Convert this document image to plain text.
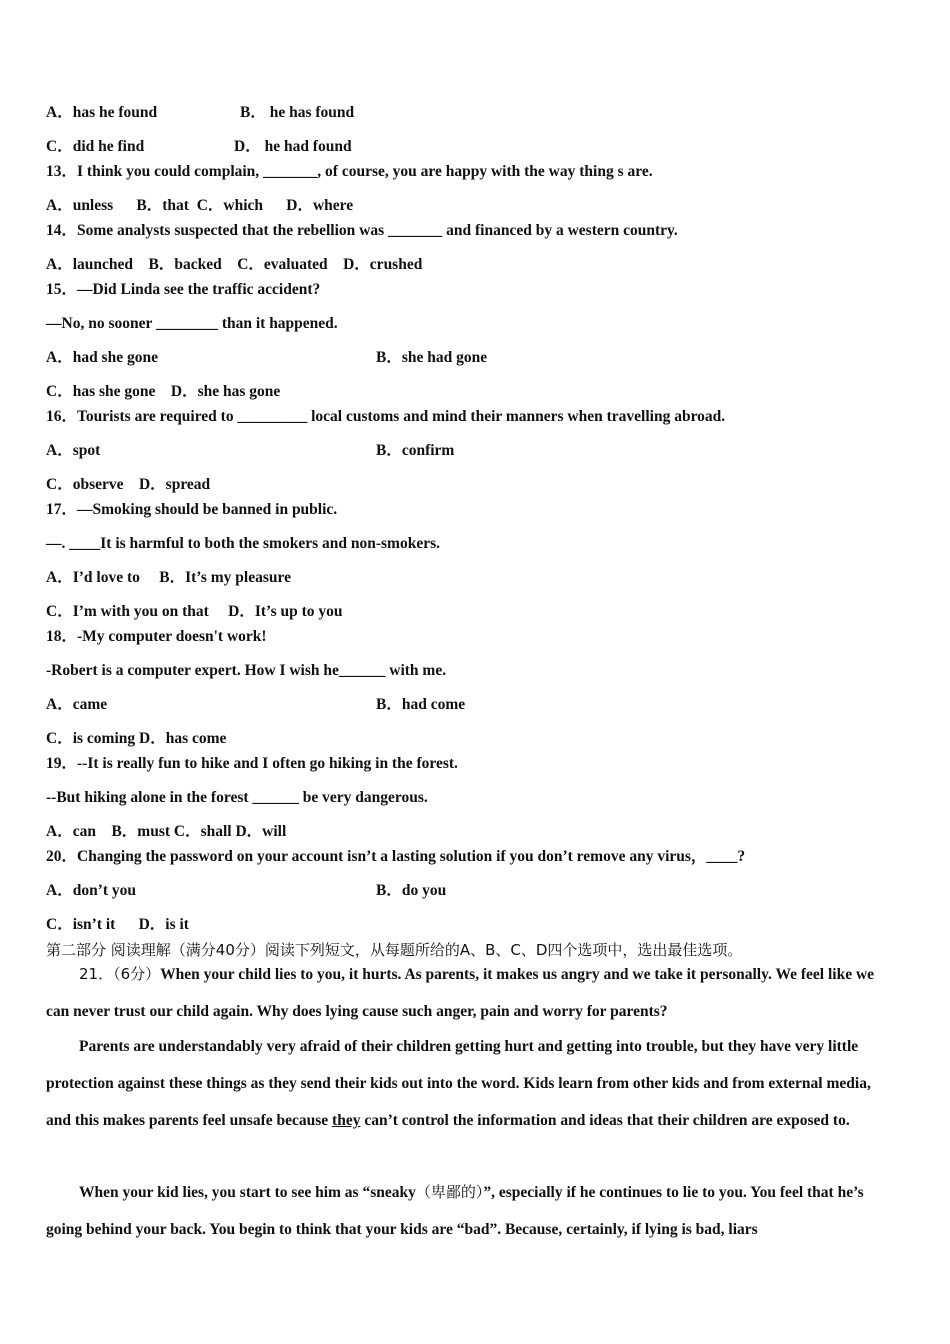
A．has he found	B． he has found
C．did he find	D． he had found
13．I think you could complain, _______, of course, you are happy with the way thing s are.
A．unless      B．that  C．which      D．where
14．Some analysts suspected that the rebellion was _______ and financed by a western country.
A．launched    B．backed    C．evaluated    D．crushed
15．—Did Linda see the traffic accident?
—No, no sooner ________ than it happened.
A．had she gone	B．she had gone
C．has she gone    D．she has gone
16．Tourists are required to _________ local customs and mind their manners when travelling abroad.
A．spot	B．confirm
C．observe    D．spread
17．—Smoking should be banned in public.
—. ____It is harmful to both the smokers and non-smokers.
A．I’d love to     B．It’s my pleasure
C．I’m with you on that     D．It’s up to you
18．-My computer doesn't work!
-Robert is a computer expert. How I wish he______ with me.
A．came	B．had come
C．is coming D．has come
19．--It is really fun to hike and I often go hiking in the forest.
--But hiking alone in the forest ______ be very dangerous.
A．can    B．must C．shall D．will
20．Changing the password on your account isn’t a lasting solution if you don’t remove any virus，____?
A．don’t you	B．do you
C．isn’t it      D．is it
第二部分 阅读理解（满分40分）阅读下列短文，从每题所给的A、B、C、D四个选项中，选出最佳选项。
21．（6分）When your child lies to you, it hurts. As parents, it makes us angry and we take it personally. We feel like we can never trust our child again. Why does lying cause such anger, pain and worry for parents?
Parents are understandably very afraid of their children getting hurt and getting into trouble, but they have very little protection against these things as they send their kids out into the word. Kids learn from other kids and from external media, and this makes parents feel unsafe because they can’t control the information and ideas that their children are exposed to.
When your kid lies, you start to see him as “sneaky（卑鄙的）”, especially if he continues to lie to you. You feel that he’s going behind your back. You begin to think that your kids are “bad”. Because, certainly, if lying is bad, liars
